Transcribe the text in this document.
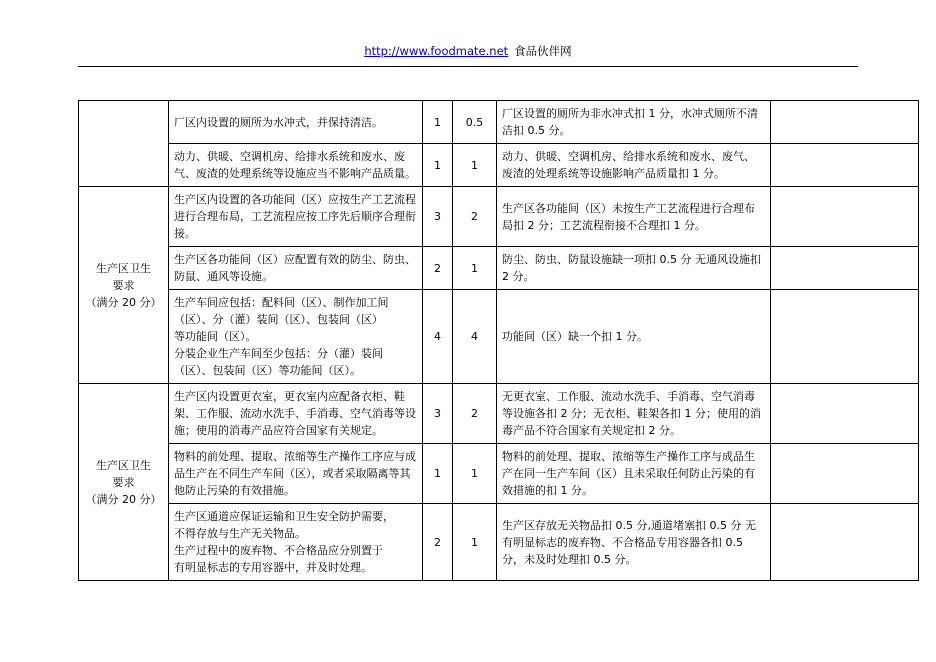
http://www.foodmate.net 食品伙伴网
	厂区内设置的厕所为水冲式，并保持清洁。	1	0.5	厂区设置的厕所为非水冲式扣 1 分，水冲式厕所不清洁扣 0.5 分。	
	动力、供暖、空调机房、给排水系统和废水、废气、废渣的处理系统等设施应当不影响产品质量。	1	1	动力、供暖、空调机房、给排水系统和废水、废气、废渣的处理系统等设施影响产品质量扣 1 分。	

生产区卫生
要求
（满分 20 分）	生产区内设置的各功能间（区）应按生产工艺流程进行合理布局，工艺流程应按工序先后顺序合理衔接。	3	2	生产区各功能间（区）未按生产工艺流程进行合理布局扣 2 分；工艺流程衔接不合理扣 1 分。	
	生产区各功能间（区）应配置有效的防尘、防虫、防鼠、通风等设施。	2	1	防尘、防虫、防鼠设施缺一项扣 0.5 分 无通风设施扣 2 分。	

	生产车间应包括：配料间（区）、制作加工间
（区）、分（灌）装间（区）、包装间（区）
等功能间（区）。
分装企业生产车间至少包括：分（灌）装间
（区）、包装间（区）等功能间（区）。	4	4	功能间（区）缺一个扣 1 分。	

生产区卫生
要求
（满分 20 分）	生产区内设置更衣室，更衣室内应配备衣柜、鞋架、工作服、流动水洗手、手消毒、空气消毒等设施；使用的消毒产品应符合国家有关规定。	3	2	无更衣室、工作服、流动水洗手、手消毒、空气消毒等设施各扣 2 分；无衣柜、鞋架各扣 1 分；使用的消毒产品不符合国家有关规定扣 2 分。	
	物料的前处理、提取、浓缩等生产操作工序应与成品生产在不同生产车间（区），或者采取隔离等其他防止污染的有效措施。	1	1	物料的前处理、提取、浓缩等生产操作工序与成品生产在同一生产车间（区）且未采取任何防止污染的有效措施的扣 1 分。	

	生产区通道应保证运输和卫生安全防护需要，
不得存放与生产无关物品。
生产过程中的废弃物、不合格品应分别置于
有明显标志的专用容器中，并及时处理。	2	1	生产区存放无关物品扣 0.5 分,通道堵塞扣 0.5 分 无有明显标志的废弃物、不合格品专用容器各扣 0.5 分，未及时处理扣 0.5 分。	
